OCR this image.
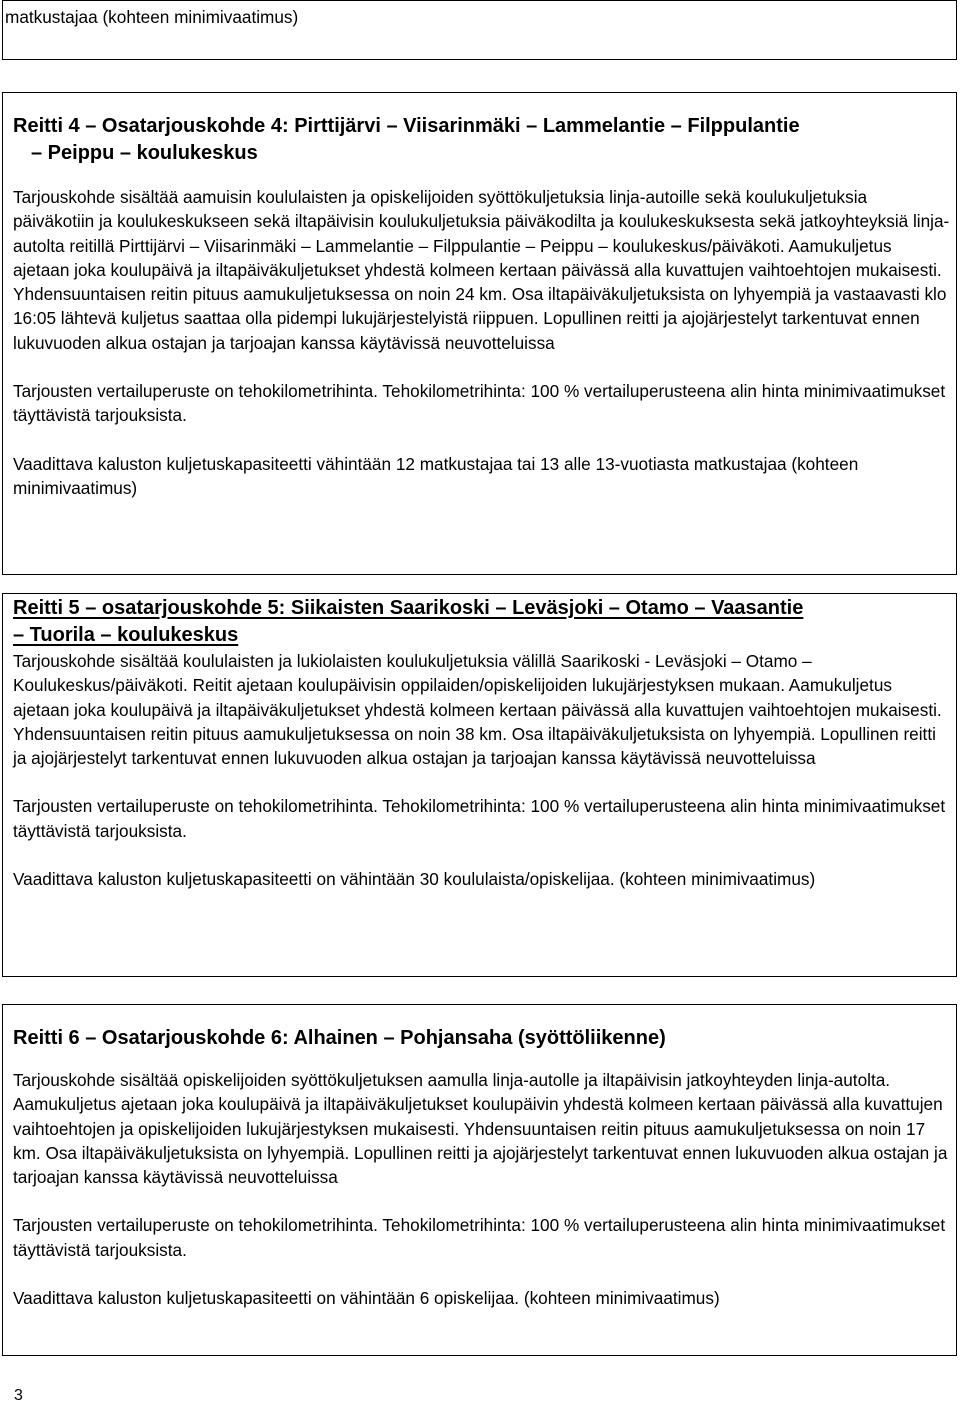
matkustajaa (kohteen minimivaatimus)

Reitti 4 – Osatarjouskohde 4: Pirttijärvi – Viisarinmäki – Lammelantie – Filppulantie
– Peippu – koulukeskus

Tarjouskohde sisältää aamuisin koululaisten ja opiskelijoiden syöttökuljetuksia linja-autoille sekä koulukuljetuksia päiväkotiin ja koulukeskukseen sekä iltapäivisin koulukuljetuksia päiväkodilta ja koulukeskuksesta sekä jatkoyhteyksiä linja-autolta reitillä Pirttijärvi – Viisarinmäki – Lammelantie – Filppulantie – Peippu – koulukeskus/päiväkoti. Aamukuljetus ajetaan joka koulupäivä ja iltapäiväkuljetukset yhdestä kolmeen kertaan päivässä alla kuvattujen vaihtoehtojen mukaisesti. Yhdensuuntaisen reitin pituus aamukuljetuksessa on noin 24 km. Osa iltapäiväkuljetuksista on lyhyempiä ja vastaavasti klo 16:05 lähtevä kuljetus saattaa olla pidempi lukujärjestelyistä riippuen. Lopullinen reitti ja ajojärjestelyt tarkentuvat ennen lukuvuoden alkua ostajan ja tarjoajan kanssa käytävissä neuvotteluissa

Tarjousten vertailuperuste on tehokilometrihinta. Tehokilometrihinta: 100 % vertailuperusteena alin hinta minimivaatimukset täyttävistä tarjouksista.

Vaadittava kaluston kuljetuskapasiteetti vähintään 12 matkustajaa tai 13 alle 13-vuotiasta matkustajaa (kohteen minimivaatimus)

Reitti 5 – osatarjouskohde 5: Siikaisten Saarikoski – Leväsjoki – Otamo – Vaasantie
– Tuorila – koulukeskus

Tarjouskohde sisältää koululaisten ja lukiolaisten koulukuljetuksia välillä Saarikoski - Leväsjoki – Otamo – Koulukeskus/päiväkoti. Reitit ajetaan koulupäivisin oppilaiden/opiskelijoiden lukujärjestyksen mukaan. Aamukuljetus ajetaan joka koulupäivä ja iltapäiväkuljetukset yhdestä kolmeen kertaan päivässä alla kuvattujen vaihtoehtojen mukaisesti. Yhdensuuntaisen reitin pituus aamukuljetuksessa on noin 38 km. Osa iltapäiväkuljetuksista on lyhyempiä. Lopullinen reitti ja ajojärjestelyt tarkentuvat ennen lukuvuoden alkua ostajan ja tarjoajan kanssa käytävissä neuvotteluissa

Tarjousten vertailuperuste on tehokilometrihinta. Tehokilometrihinta: 100 % vertailuperusteena alin hinta minimivaatimukset täyttävistä tarjouksista.

Vaadittava kaluston kuljetuskapasiteetti on vähintään 30 koululaista/opiskelijaa. (kohteen minimivaatimus)

Reitti 6 – Osatarjouskohde 6: Alhainen – Pohjansaha (syöttöliikenne)

Tarjouskohde sisältää opiskelijoiden syöttökuljetuksen aamulla linja-autolle ja iltapäivisin jatkoyhteyden linja-autolta. Aamukuljetus ajetaan joka koulupäivä ja iltapäiväkuljetukset koulupäivin yhdestä kolmeen kertaan päivässä alla kuvattujen vaihtoehtojen ja opiskelijoiden lukujärjestyksen mukaisesti. Yhdensuuntaisen reitin pituus aamukuljetuksessa on noin 17 km. Osa iltapäiväkuljetuksista on lyhyempiä. Lopullinen reitti ja ajojärjestelyt tarkentuvat ennen lukuvuoden alkua ostajan ja tarjoajan kanssa käytävissä neuvotteluissa

Tarjousten vertailuperuste on tehokilometrihinta. Tehokilometrihinta: 100 % vertailuperusteena alin hinta minimivaatimukset täyttävistä tarjouksista.

Vaadittava kaluston kuljetuskapasiteetti on vähintään 6 opiskelijaa. (kohteen minimivaatimus)

3
